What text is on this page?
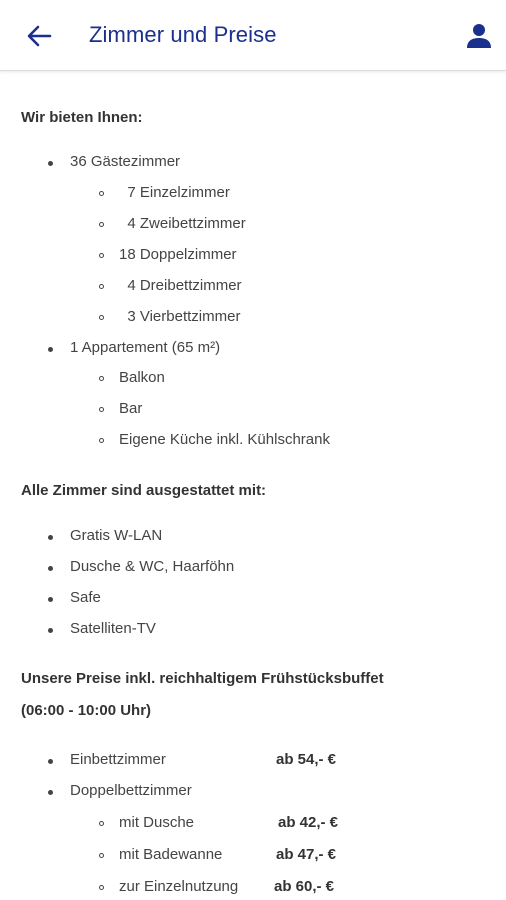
Zimmer und Preise
Wir bieten Ihnen:
36 Gästezimmer
7 Einzelzimmer
4 Zweibettzimmer
18 Doppelzimmer
4 Dreibettzimmer
3 Vierbettzimmer
1 Appartement (65 m²)
Balkon
Bar
Eigene Küche inkl. Kühlschrank
Alle Zimmer sind ausgestattet mit:
Gratis W-LAN
Dusche & WC, Haarföhn
Safe
Satelliten-TV
Unsere Preise inkl. reichhaltigem Frühstücksbuffet
(06:00 - 10:00 Uhr)
Einbettzimmer	ab 54,- €
Doppelbettzimmer
mit Dusche	ab 42,- €
mit Badewanne	ab 47,- €
zur Einzelnutzung ab 60,- €
